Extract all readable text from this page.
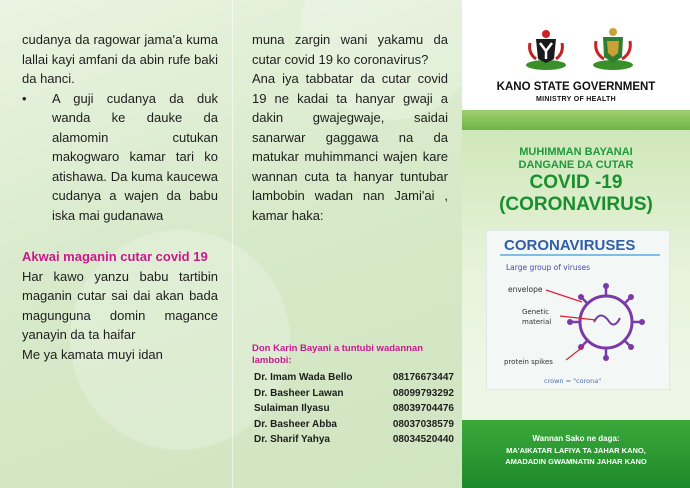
cudanya da ragowar jama'a kuma lallai kayi amfani da abin rufe baki da hanci.

•	A guji cudanya da duk wanda ke dauke da alamomin cutukan makogwaro kamar tari ko atishawa. Da kuma kaucewa cudanya a wajen da babu iska mai gudanawa

Akwai maganin cutar covid 19

Har kawo yanzu babu tartibin maganin cutar sai dai akan bada magunguna domin magance yanayin da ta haifar

Me ya kamata muyi idan

muna zargin wani yakamu da cutar covid 19 ko coronavirus?

Ana iya tabbatar da cutar covid 19 ne kadai ta hanyar gwaji a dakin gwajegwaje, saidai sanarwar gaggawa na da matukar muhimmanci wajen kare wannan cuta ta hanyar tuntubar lambobin wadan nan Jami'ai , kamar haka:

Don Karin Bayani a tuntubi wadannan lambobi:
Dr. Imam Wada Bello	08176673447
Dr. Basheer Lawan	08099793292
Sulaiman Ilyasu	08039704476
Dr. Basheer Abba	08037038579
Dr. Sharif Yahya	08034520440
KANO STATE GOVERNMENT
MINISTRY OF HEALTH
MUHIMMAN BAYANAI
DANGANE DA CUTAR
COVID -19
(CORONAVIRUS)
CORONAVIRUSES
Large group of viruses
envelope
Genetic
material
protein spikes
crown = "corona"
Wannan Sako ne daga:
MA'AIKATAR LAFIYA TA JAHAR KANO,
AMADADIN GWAMNATIN JAHAR KANO
